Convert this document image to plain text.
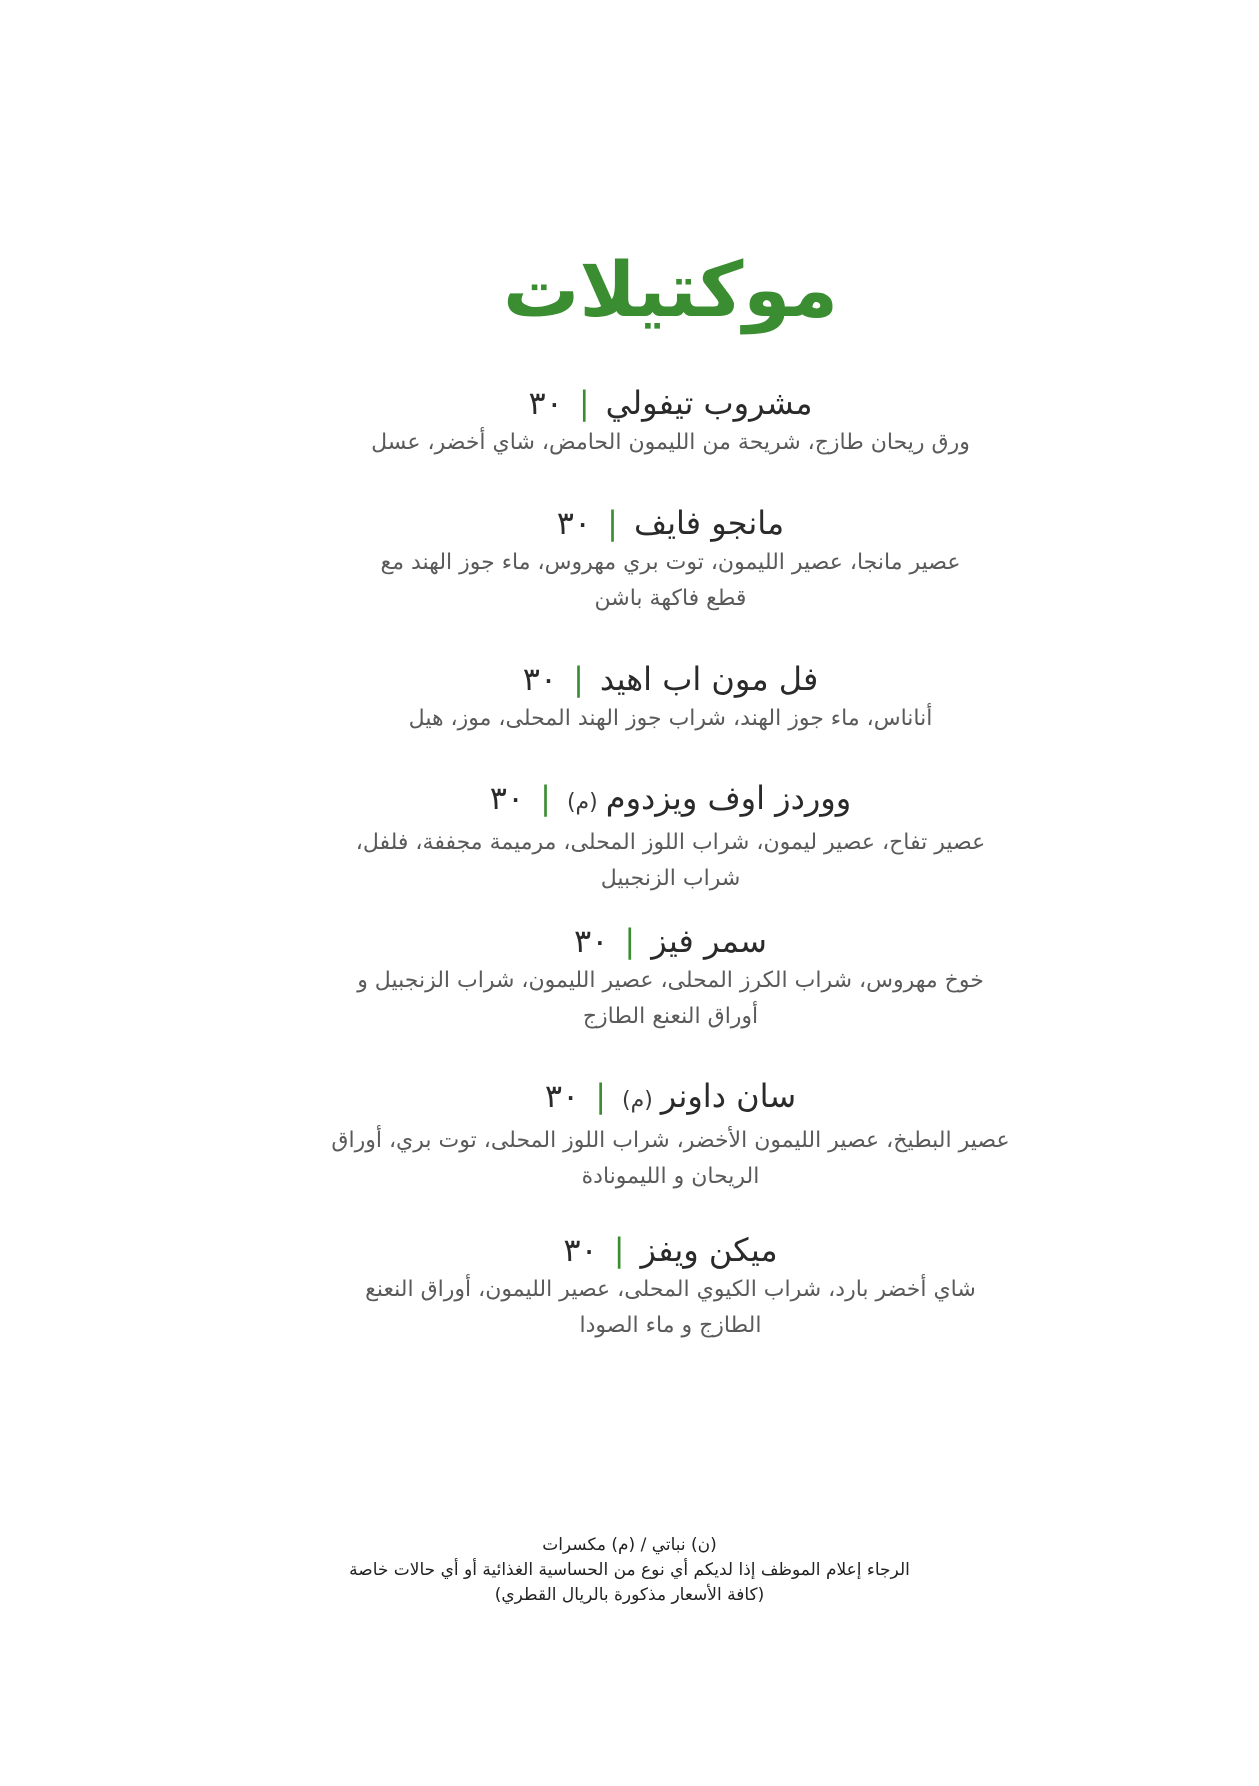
موكتيلات
مشروب تيفولي|٣٠
ورق ريحان طازج، شريحة من الليمون الحامض، شاي أخضر، عسل
مانجو فايف|٣٠
عصير مانجا، عصير الليمون، توت بري مهروس، ماء جوز الهند مع
قطع فاكهة باشن
فل مون اب اهيد|٣٠
أناناس، ماء جوز الهند، شراب جوز الهند المحلى، موز، هيل
ووردز اوف ويزدوم(م)|٣٠
عصير تفاح، عصير ليمون، شراب اللوز المحلى، مرميمة مجففة، فلفل،
شراب الزنجبيل
سمر فيز|٣٠
خوخ مهروس، شراب الكرز المحلى، عصير الليمون، شراب الزنجبيل و
أوراق النعنع الطازج
سان داونر(م)|٣٠
عصير البطيخ، عصير الليمون الأخضر، شراب اللوز المحلى، توت بري، أوراق
الريحان و الليمونادة
ميكن ويفز|٣٠
شاي أخضر بارد، شراب الكيوي المحلى، عصير الليمون، أوراق النعنع
الطازج و ماء الصودا
(ن) نباتي / (م) مكسرات
الرجاء إعلام الموظف إذا لديكم أي نوع من الحساسية الغذائية أو أي حالات خاصة
(كافة الأسعار مذكورة بالريال القطري)
